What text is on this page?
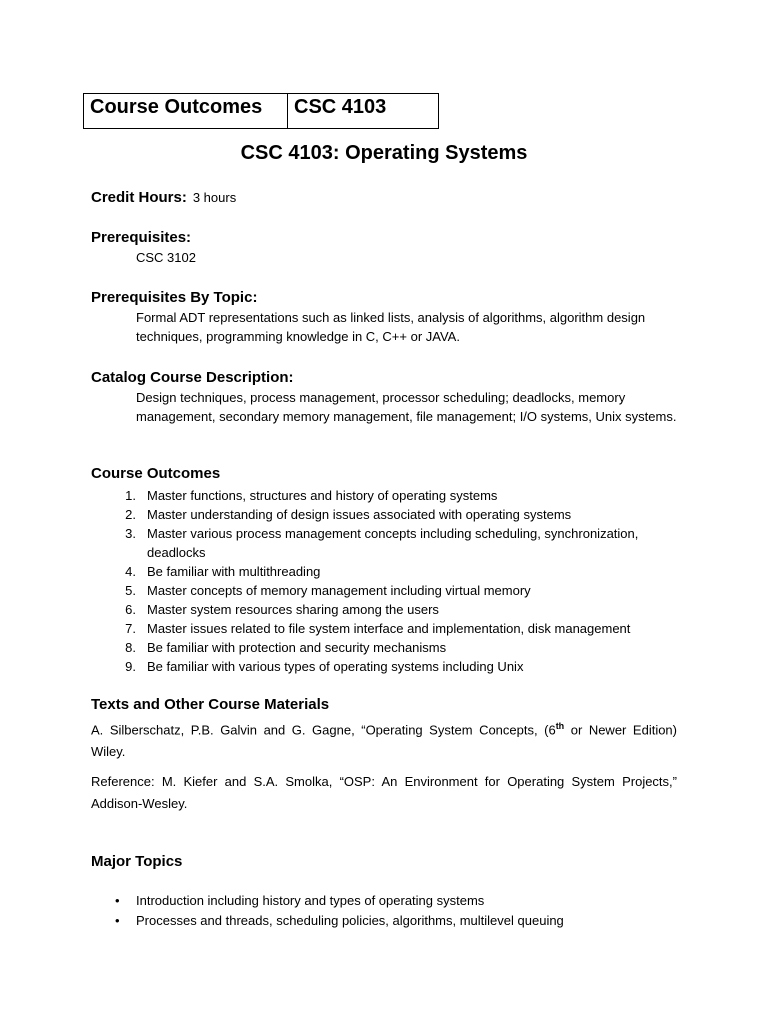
Course Outcomes	CSC 4103
CSC 4103: Operating Systems
Credit Hours: 3 hours
Prerequisites:
CSC 3102
Prerequisites By Topic:
Formal ADT representations such as linked lists, analysis of algorithms, algorithm design techniques, programming knowledge in C, C++ or JAVA.
Catalog Course Description:
Design techniques, process management, processor scheduling; deadlocks, memory management, secondary memory management, file management; I/O systems, Unix systems.
Course Outcomes
1. Master functions, structures and history of operating systems
2. Master understanding of design issues associated with operating systems
3. Master various process management concepts including scheduling, synchronization, deadlocks
4. Be familiar with multithreading
5. Master concepts of memory management including virtual memory
6. Master system resources sharing among the users
7. Master issues related to file system interface and implementation, disk management
8. Be familiar with protection and security mechanisms
9. Be familiar with various types of operating systems including Unix
Texts and Other Course Materials
A. Silberschatz, P.B. Galvin and G. Gagne, “Operating System Concepts, (6th or Newer Edition) Wiley.
Reference: M. Kiefer and S.A. Smolka, “OSP: An Environment for Operating System Projects,” Addison-Wesley.
Major Topics
•	Introduction including history and types of operating systems
•	Processes and threads, scheduling policies, algorithms, multilevel queuing
